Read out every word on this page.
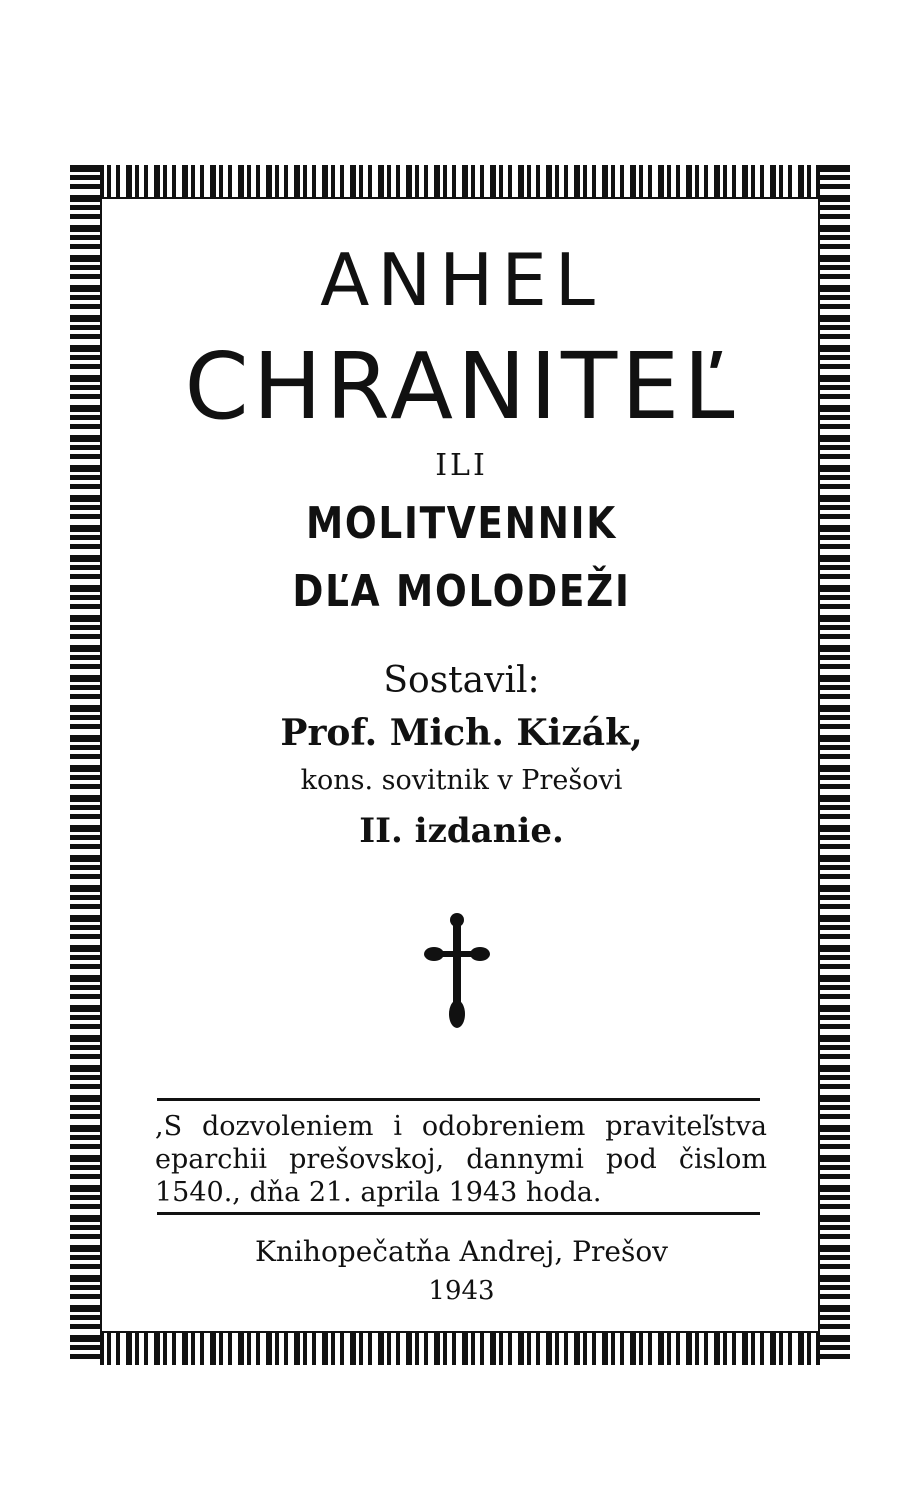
ANHEL
CHRANITEĽ
ILI
MOLITVENNIK
DĽA MOLODEŽI
Sostavil:
Prof. Mich. Kizák,
kons. sovitnik v Prešovi
II. izdanie.
,S dozvoleniem i odobreniem praviteľstva eparchii prešovskoj, dannymi pod čislom 1540., dňa 21. aprila 1943 hoda.
Knihopečatňa Andrej, Prešov
1943
